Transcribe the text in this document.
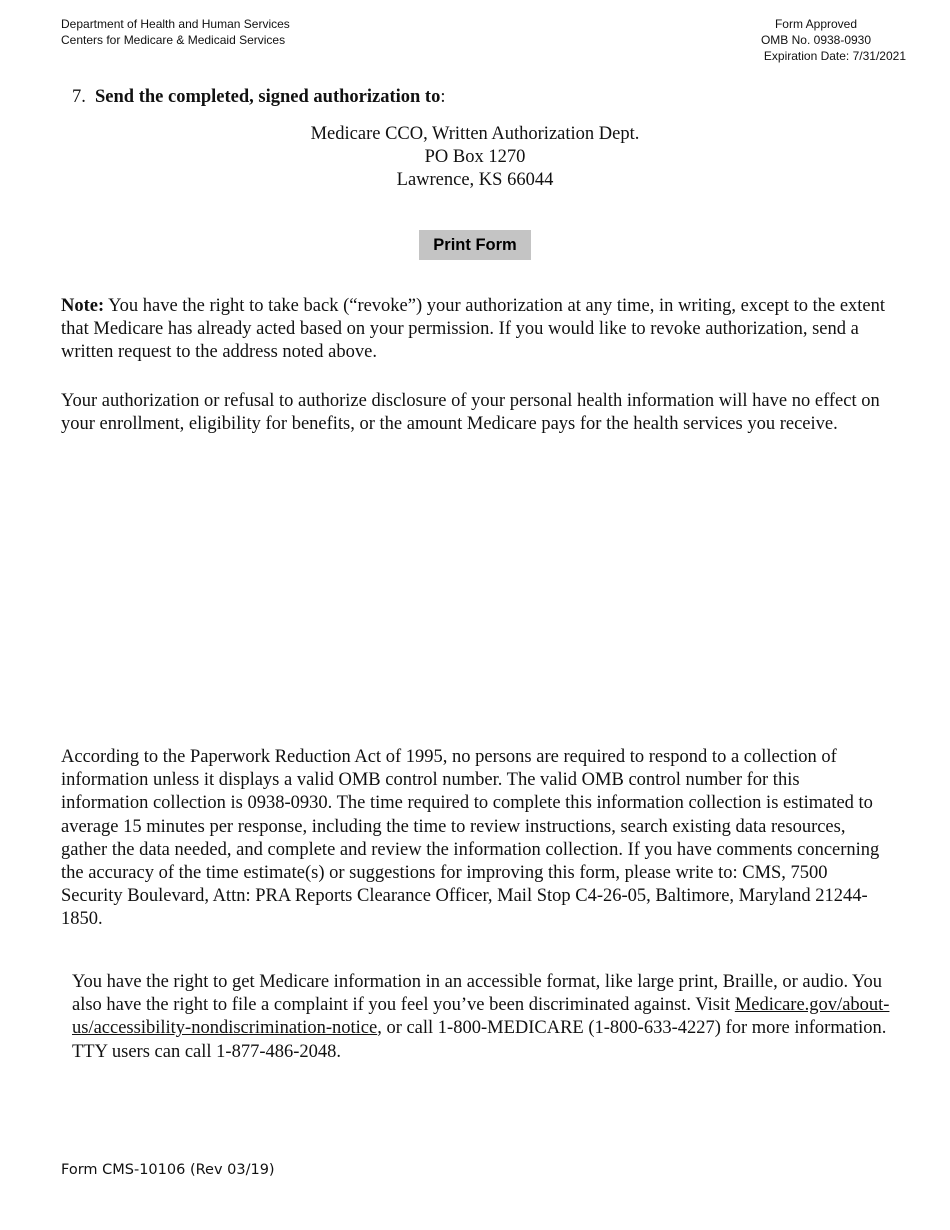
Department of Health and Human Services
Centers for Medicare & Medicaid Services
Form Approved
OMB No. 0938-0930
Expiration Date: 7/31/2021
7. Send the completed, signed authorization to:
Medicare CCO, Written Authorization Dept.
PO Box 1270
Lawrence, KS 66044
Print Form
Note: You have the right to take back (“revoke”) your authorization at any time, in writing, except to the extent that Medicare has already acted based on your permission. If you would like to revoke authorization, send a written request to the address noted above.
Your authorization or refusal to authorize disclosure of your personal health information will have no effect on your enrollment, eligibility for benefits, or the amount Medicare pays for the health services you receive.
According to the Paperwork Reduction Act of 1995, no persons are required to respond to a collection of information unless it displays a valid OMB control number. The valid OMB control number for this information collection is 0938-0930. The time required to complete this information collection is estimated to average 15 minutes per response, including the time to review instructions, search existing data resources, gather the data needed, and complete and review the information collection. If you have comments concerning the accuracy of the time estimate(s) or suggestions for improving this form, please write to: CMS, 7500 Security Boulevard, Attn: PRA Reports Clearance Officer, Mail Stop C4-26-05, Baltimore, Maryland 21244-1850.
You have the right to get Medicare information in an accessible format, like large print, Braille, or audio. You also have the right to file a complaint if you feel you’ve been discriminated against. Visit Medicare.gov/about-us/accessibility-nondiscrimination-notice, or call 1-800-MEDICARE (1-800-633-4227) for more information. TTY users can call 1-877-486-2048.
Form CMS-10106 (Rev 03/19)
